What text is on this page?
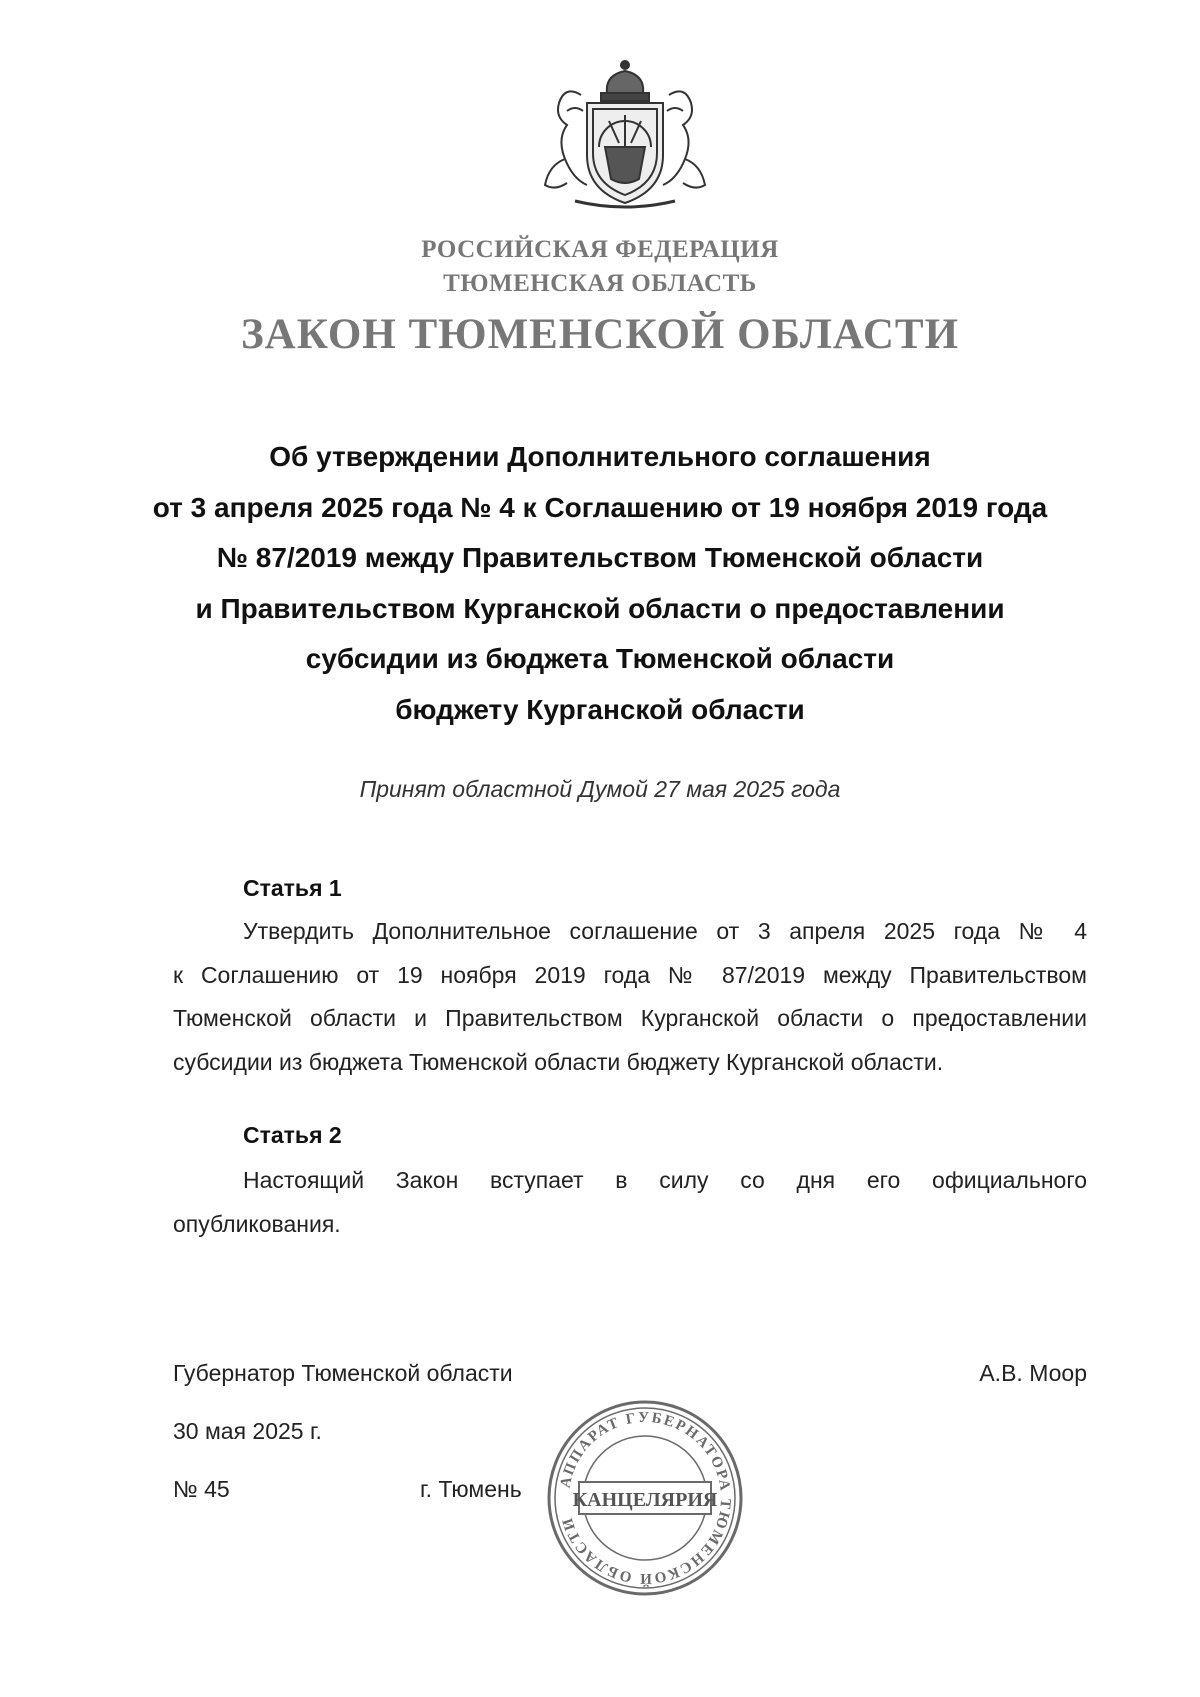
РОССИЙСКАЯ ФЕДЕРАЦИЯ
ТЮМЕНСКАЯ ОБЛАСТЬ
ЗАКОН ТЮМЕНСКОЙ ОБЛАСТИ
Об утверждении Дополнительного соглашения
от 3 апреля 2025 года № 4 к Соглашению от 19 ноября 2019 года
№ 87/2019 между Правительством Тюменской области
и Правительством Курганской области о предоставлении
субсидии из бюджета Тюменской области
бюджету Курганской области
Принят областной Думой 27 мая 2025 года
Статья 1
Утвердить Дополнительное соглашение от 3 апреля 2025 года № 4
к Соглашению от 19 ноября 2019 года № 87/2019 между Правительством
Тюменской области и Правительством Курганской области о предоставлении
субсидии из бюджета Тюменской области бюджету Курганской области.
Статья 2
Настоящий Закон вступает в силу со дня его официального
опубликования.
Губернатор Тюменской области	А.В. Моор
30 мая 2025 г.
№ 45	г. Тюмень АППАРАТ ГУБЕРНАТОРА ТЮМЕНСКОЙ ОБЛАСТИ
КАНЦЕЛЯРИЯ
